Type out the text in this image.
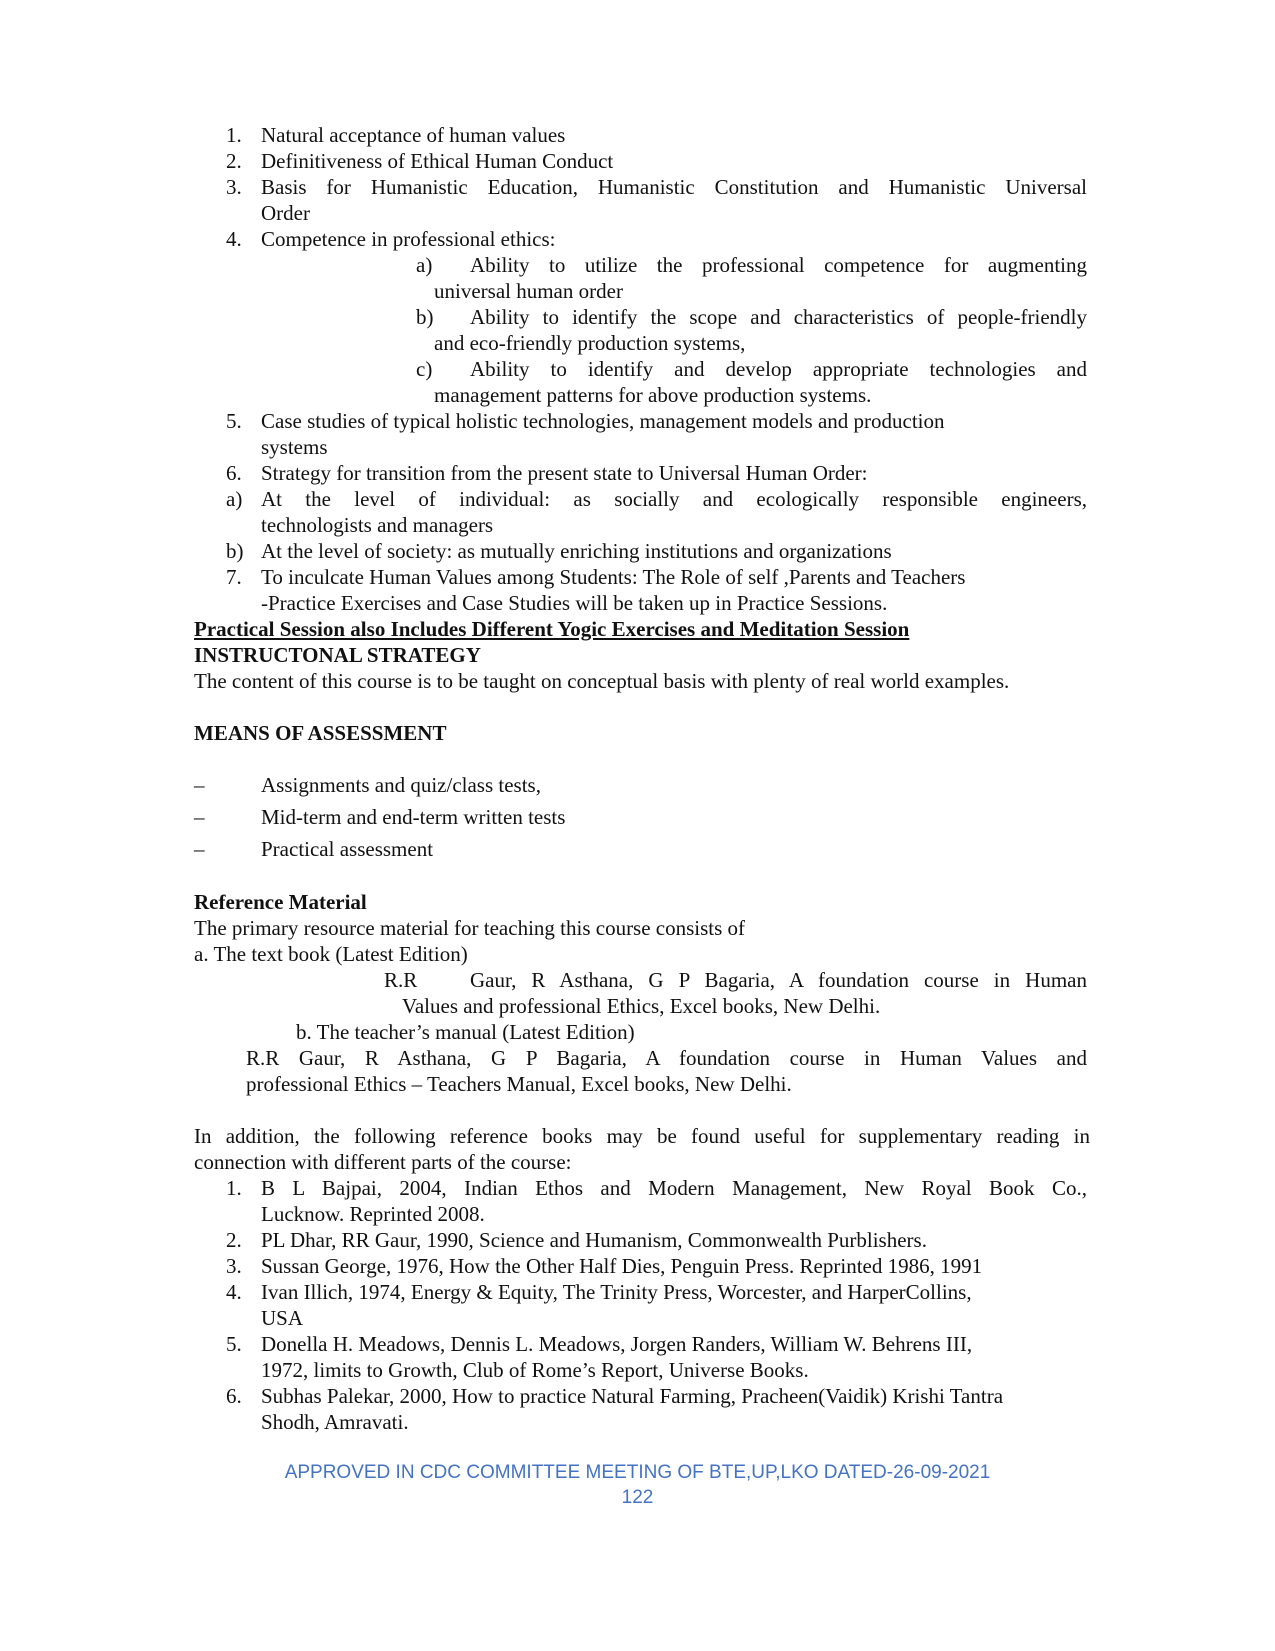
1. Natural acceptance of human values
2. Definitiveness of Ethical Human Conduct
3. Basis for Humanistic Education, Humanistic Constitution and Humanistic Universal
Order
4. Competence in professional ethics:
a)	Ability to utilize the professional competence for augmenting
universal human order
b)	Ability to identify the scope and characteristics of people-friendly
and eco-friendly production systems,
c)	Ability to identify and develop appropriate technologies and
management patterns for above production systems.
5. Case studies of typical holistic technologies, management models and production
systems
6. Strategy for transition from the present state to Universal Human Order:
a) At the level of individual: as socially and ecologically responsible engineers,
technologists and managers
b) At the level of society: as mutually enriching institutions and organizations
7. To inculcate Human Values among Students: The Role of self ,Parents and Teachers
-Practice Exercises and Case Studies will be taken up in Practice Sessions.
Practical Session also Includes Different Yogic Exercises and Meditation Session
INSTRUCTONAL STRATEGY
The content of this course is to be taught on conceptual basis with plenty of real world examples.
MEANS OF ASSESSMENT
–	Assignments and quiz/class tests,
–	Mid-term and end-term written tests
–	Practical assessment
Reference Material
The primary resource material for teaching this course consists of
a. The text book (Latest Edition)
R.R	Gaur, R Asthana, G P Bagaria, A foundation course in Human
Values and professional Ethics, Excel books, New Delhi.
b. The teacher’s manual (Latest Edition)
R.R Gaur, R Asthana, G P Bagaria, A foundation course in Human Values and
professional Ethics – Teachers Manual, Excel books, New Delhi.
In addition, the following reference books may be found useful for supplementary reading in
connection with different parts of the course:
1. B L Bajpai, 2004, Indian Ethos and Modern Management, New Royal Book Co.,
Lucknow. Reprinted 2008.
2. PL Dhar, RR Gaur, 1990, Science and Humanism, Commonwealth Purblishers.
3. Sussan George, 1976, How the Other Half Dies, Penguin Press. Reprinted 1986, 1991
4. Ivan Illich, 1974, Energy & Equity, The Trinity Press, Worcester, and HarperCollins,
USA
5. Donella H. Meadows, Dennis L. Meadows, Jorgen Randers, William W. Behrens III,
1972, limits to Growth, Club of Rome’s Report, Universe Books.
6. Subhas Palekar, 2000, How to practice Natural Farming, Pracheen(Vaidik) Krishi Tantra
Shodh, Amravati.
APPROVED IN CDC COMMITTEE MEETING OF BTE,UP,LKO DATED-26-09-2021
122
